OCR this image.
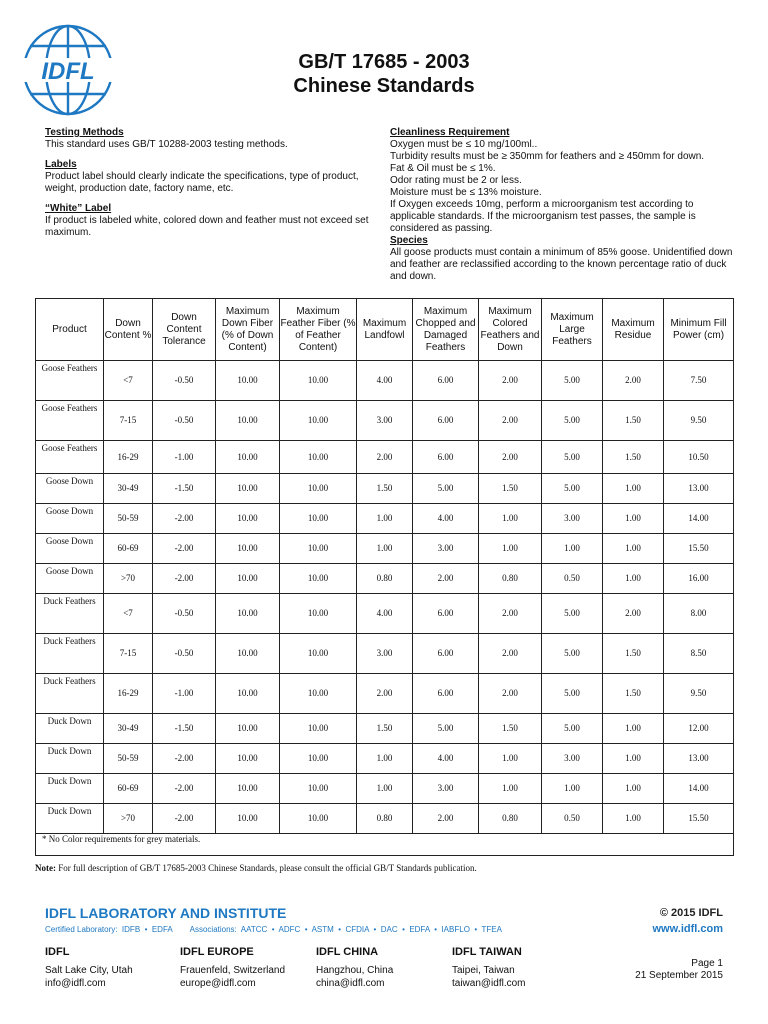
IDFL	GB/T 17685 - 2003
Chinese Standards
Testing Methods

This standard uses GB/T 10288-2003 testing methods.

Labels

Product label should clearly indicate the specifications, type of product, weight, production date, factory name, etc.

“White” Label

If product is labeled white, colored down and feather must not exceed set maximum.

Cleanliness Requirement

Oxygen must be ≤ 10 mg/100ml..

Turbidity results must be ≥ 350mm for feathers and ≥ 450mm for down.

Fat & Oil must be ≤ 1%.

Odor rating must be 2 or less.

Moisture must be ≤ 13% moisture.

If Oxygen exceeds 10mg, perform a microorganism test according to applicable standards. If the microorganism test passes, the sample is considered as passing.

Species

All goose products must contain a minimum of 85% goose. Unidentified down and feather are reclassified according to the known percentage ratio of duck and down.

Product	Down Content %	Down Content Tolerance	Maximum Down Fiber (% of Down Content)	Maximum Feather Fiber (% of Feather Content)	Maximum Landfowl	Maximum Chopped and Damaged Feathers	Maximum Colored Feathers and Down	Maximum Large Feathers	Maximum Residue	Minimum Fill Power (cm)
Goose Feathers	<7	-0.50	10.00	10.00	4.00	6.00	2.00	5.00	2.00	7.50
Goose Feathers	7-15	-0.50	10.00	10.00	3.00	6.00	2.00	5.00	1.50	9.50
Goose Feathers	16-29	-1.00	10.00	10.00	2.00	6.00	2.00	5.00	1.50	10.50
Goose Down	30-49	-1.50	10.00	10.00	1.50	5.00	1.50	5.00	1.00	13.00
Goose Down	50-59	-2.00	10.00	10.00	1.00	4.00	1.00	3.00	1.00	14.00
Goose Down	60-69	-2.00	10.00	10.00	1.00	3.00	1.00	1.00	1.00	15.50
Goose Down	>70	-2.00	10.00	10.00	0.80	2.00	0.80	0.50	1.00	16.00
Duck Feathers	<7	-0.50	10.00	10.00	4.00	6.00	2.00	5.00	2.00	8.00
Duck Feathers	7-15	-0.50	10.00	10.00	3.00	6.00	2.00	5.00	1.50	8.50
Duck Feathers	16-29	-1.00	10.00	10.00	2.00	6.00	2.00	5.00	1.50	9.50
Duck Down	30-49	-1.50	10.00	10.00	1.50	5.00	1.50	5.00	1.00	12.00
Duck Down	50-59	-2.00	10.00	10.00	1.00	4.00	1.00	3.00	1.00	13.00
Duck Down	60-69	-2.00	10.00	10.00	1.00	3.00	1.00	1.00	1.00	14.00
Duck Down	>70	-2.00	10.00	10.00	0.80	2.00	0.80	0.50	1.00	15.50
* No Color requirements for grey materials.										
Note: For full description of GB/T 17685-2003 Chinese Standards, please consult the official GB/T Standards publication.
IDFL LABORATORY AND INSTITUTE	© 2015 IDFL
Certified Laboratory:  IDFB  •  EDFA        Associations:  AATCC  •  ADFC  •  ASTM  •  CFDIA  •  DAC  •  EDFA  •  IABFLO  •  TFEA	www.idfl.com
IDFL
Salt Lake City, Utah
info@idfl.com
IDFL EUROPE
Frauenfeld, Switzerland
europe@idfl.com
IDFL CHINA
Hangzhou, China
china@idfl.com
IDFL TAIWAN
Taipei, Taiwan
taiwan@idfl.com
Page 1
21 September 2015
